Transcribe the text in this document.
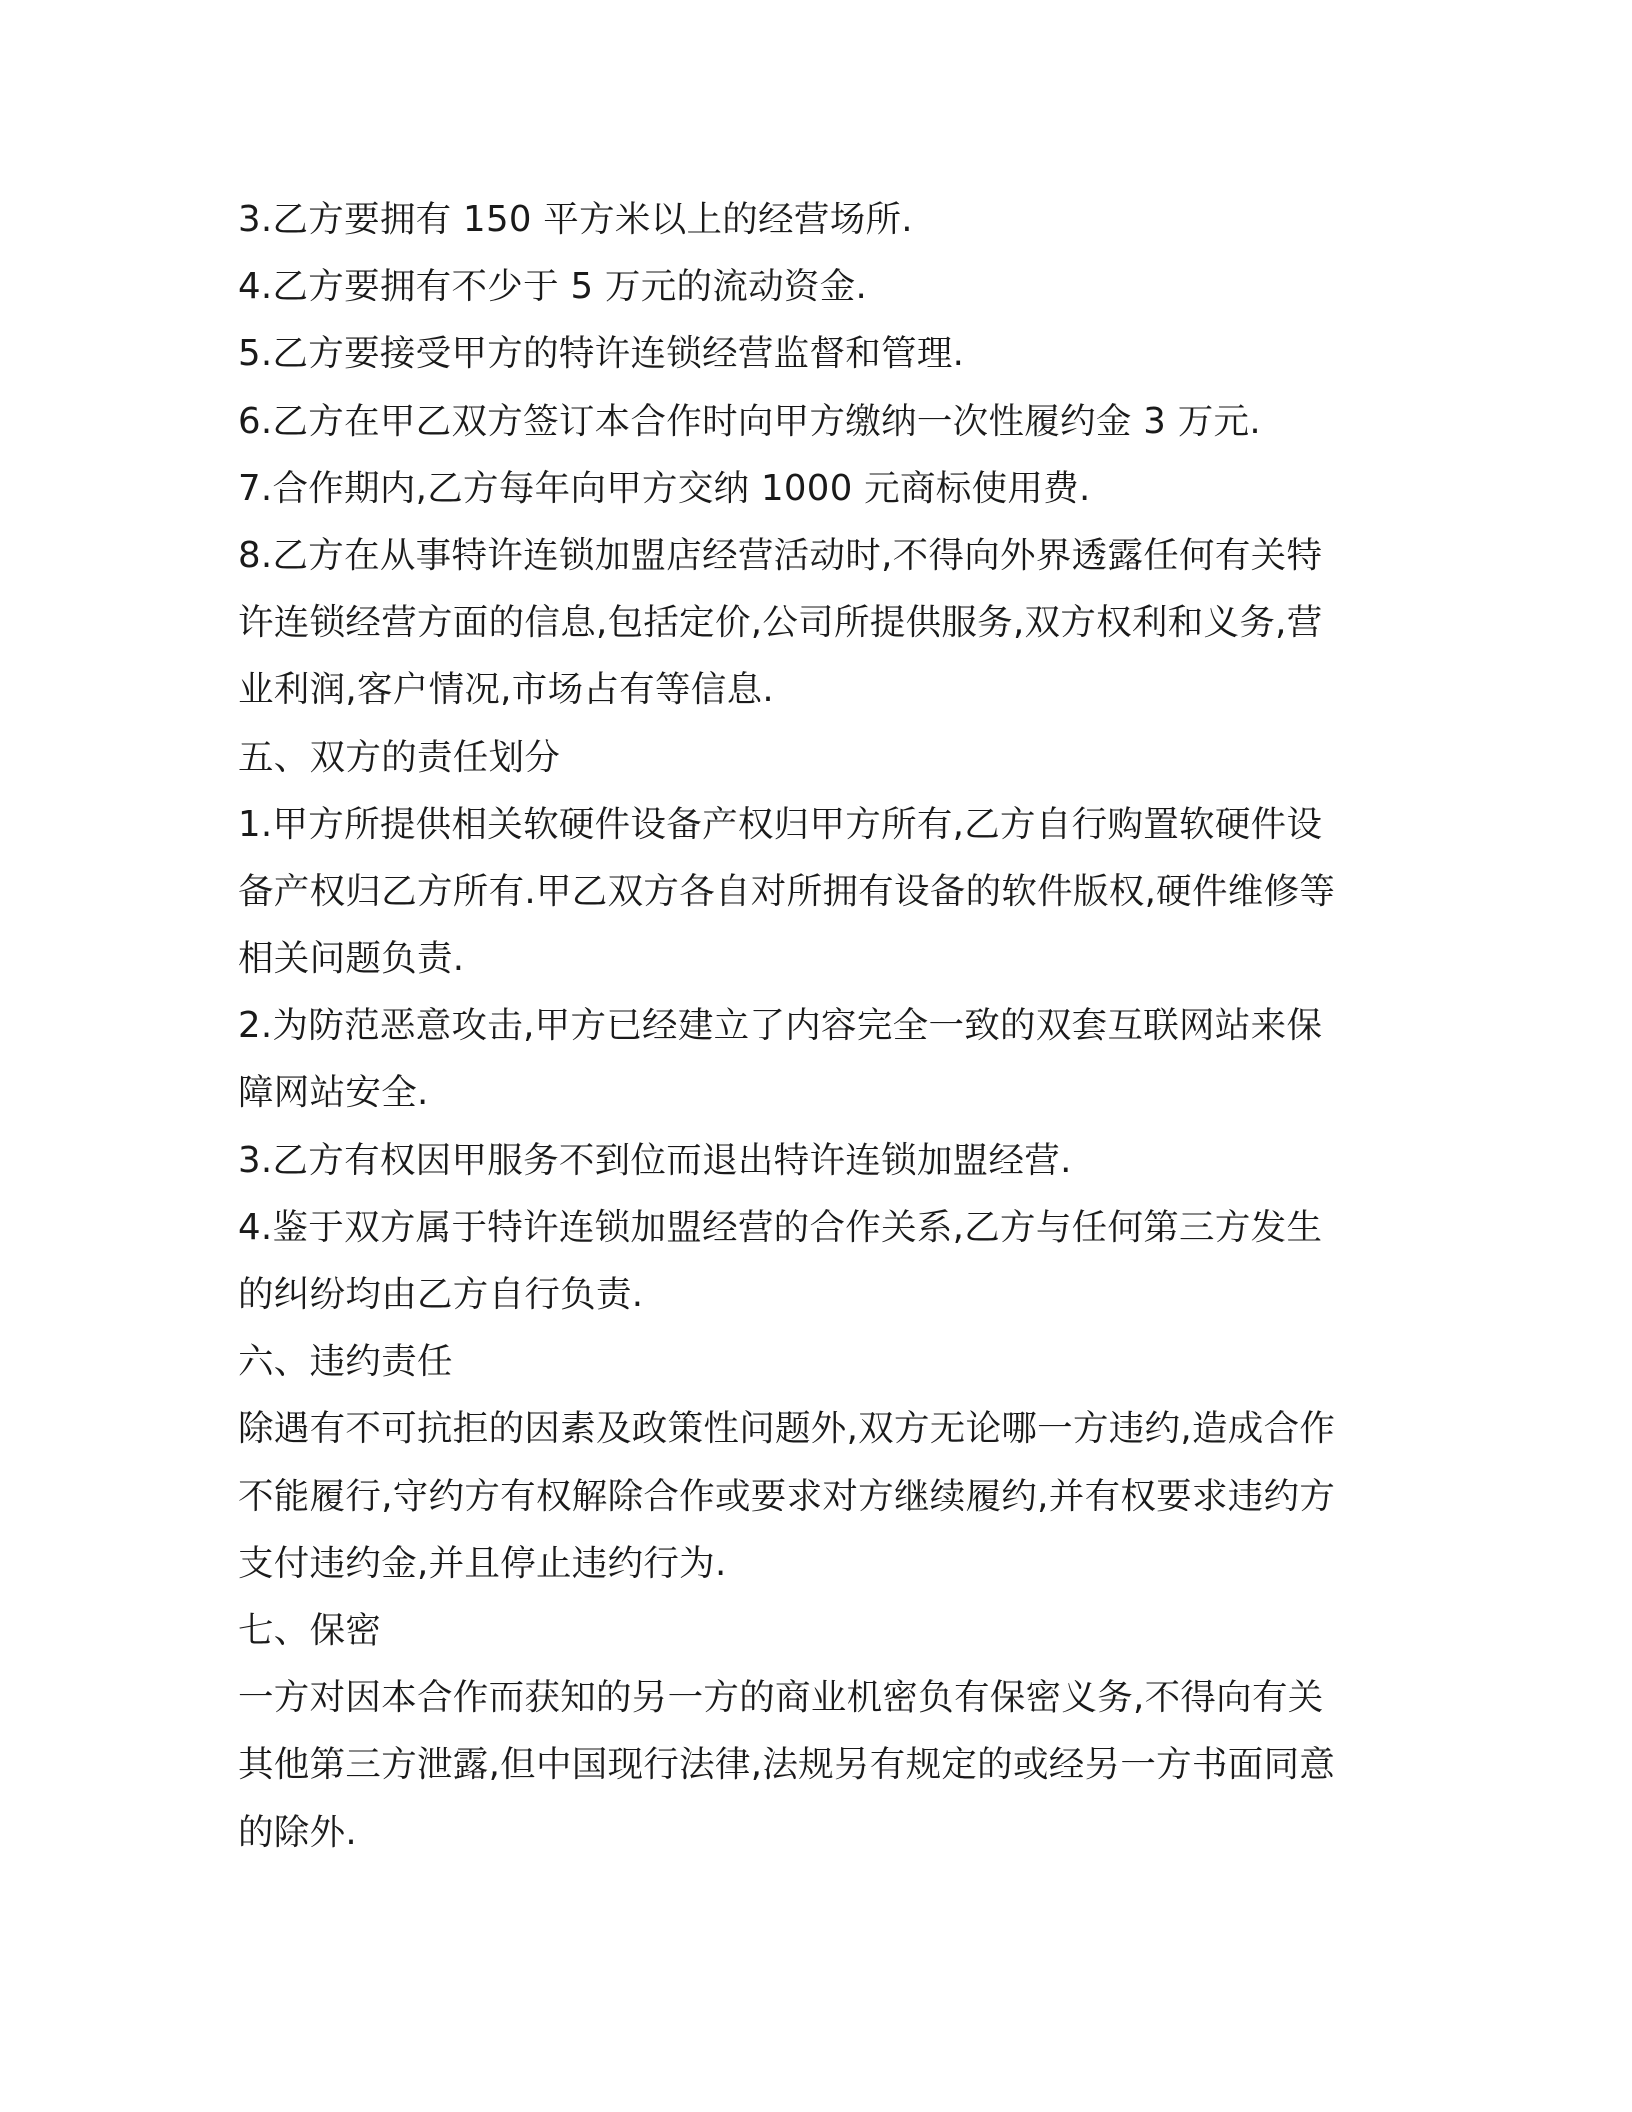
3.乙方要拥有 150 平方米以上的经营场所.
4.乙方要拥有不少于 5 万元的流动资金.
5.乙方要接受甲方的特许连锁经营监督和管理.
6.乙方在甲乙双方签订本合作时向甲方缴纳一次性履约金 3 万元.
7.合作期内,乙方每年向甲方交纳 1000 元商标使用费.
8.乙方在从事特许连锁加盟店经营活动时,不得向外界透露任何有关特
许连锁经营方面的信息,包括定价,公司所提供服务,双方权利和义务,营
业利润,客户情况,市场占有等信息.
五、双方的责任划分
1.甲方所提供相关软硬件设备产权归甲方所有,乙方自行购置软硬件设
备产权归乙方所有.甲乙双方各自对所拥有设备的软件版权,硬件维修等
相关问题负责.
2.为防范恶意攻击,甲方已经建立了内容完全一致的双套互联网站来保
障网站安全.
3.乙方有权因甲服务不到位而退出特许连锁加盟经营.
4.鉴于双方属于特许连锁加盟经营的合作关系,乙方与任何第三方发生
的纠纷均由乙方自行负责.
六、违约责任
除遇有不可抗拒的因素及政策性问题外,双方无论哪一方违约,造成合作
不能履行,守约方有权解除合作或要求对方继续履约,并有权要求违约方
支付违约金,并且停止违约行为.
七、保密
一方对因本合作而获知的另一方的商业机密负有保密义务,不得向有关
其他第三方泄露,但中国现行法律,法规另有规定的或经另一方书面同意
的除外.
